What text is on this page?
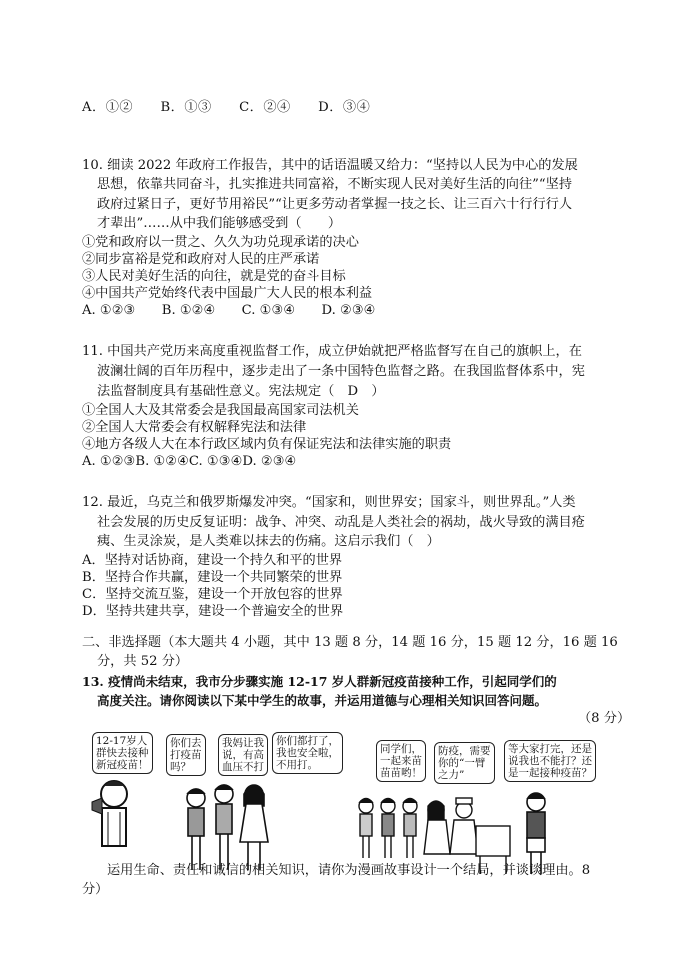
A．①②　　B．①③　　C．②④　　D．③④
10. 细读 2022 年政府工作报告，其中的话语温暖又给力：“坚持以人民为中心的发展
思想，依靠共同奋斗，扎实推进共同富裕，不断实现人民对美好生活的向往”“坚持
政府过紧日子，更好节用裕民”“让更多劳动者掌握一技之长、让三百六十行行行人
才辈出”……从中我们能够感受到（　　）
①党和政府以一贯之、久久为功兑现承诺的决心
②同步富裕是党和政府对人民的庄严承诺
③人民对美好生活的向往，就是党的奋斗目标
④中国共产党始终代表中国最广大人民的根本利益
A. ①②③　　B. ①②④　　C. ①③④　　D. ②③④
11. 中国共产党历来高度重视监督工作，成立伊始就把严格监督写在自己的旗帜上，在
波澜壮阔的百年历程中，逐步走出了一条中国特色监督之路。在我国监督体系中，宪
法监督制度具有基础性意义。宪法规定（　D　）
①全国人大及其常委会是我国最高国家司法机关
②全国人大常委会有权解释宪法和法律
④地方各级人大在本行政区域内负有保证宪法和法律实施的职责
A. ①②③B. ①②④C. ①③④D. ②③④
12. 最近，乌克兰和俄罗斯爆发冲突。“国家和，则世界安；国家斗，则世界乱。”人类
社会发展的历史反复证明：战争、冲突、动乱是人类社会的祸劫，战火导致的满目疮
痍、生灵涂炭，是人类难以抹去的伤痛。这启示我们（　）
A．坚持对话协商，建设一个持久和平的世界
B．坚持合作共赢，建设一个共同繁荣的世界
C．坚持交流互鉴，建设一个开放包容的世界
D．坚持共建共享，建设一个普遍安全的世界
二、非选择题（本大题共 4 小题，其中 13 题 8 分，14 题 16 分，15 题 12 分，16 题 16
分，共 52 分）
13. 疫情尚未结束，我市分步骤实施 12-17 岁人群新冠疫苗接种工作，引起同学们的
高度关注。请你阅读以下某中学生的故事，并运用道德与心理相关知识回答问题。
（8 分）
12-17岁人
群快去接种
新冠疫苗！
你们去
打疫苗
吗？
我妈让我
说，有高
血压不打
你们都打了，
我也安全啦，
不用打。
同学们，
一起来苗
苗苗哟！
防疫，需要
你的“一臂
之力”
等大家打完，还是
说我也不能打？还
是一起接种疫苗？
运用生命、责任和诚信的相关知识，请你为漫画故事设计一个结局，并谈谈理由。8
分）
